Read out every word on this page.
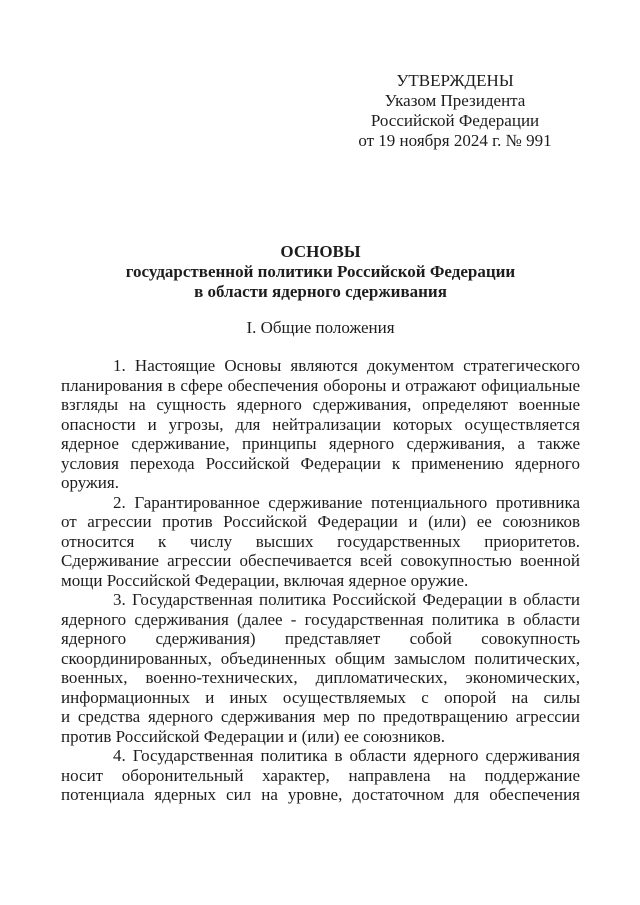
УТВЕРЖДЕНЫ
Указом Президента
Российской Федерации
от 19 ноября 2024 г. № 991
ОСНОВЫ
государственной политики Российской Федерации
в области ядерного сдерживания
I. Общие положения
1. Настоящие Основы являются документом стратегического
планирования в сфере обеспечения обороны и отражают официальные
взгляды на сущность ядерного сдерживания, определяют военные
опасности и угрозы, для нейтрализации которых осуществляется
ядерное сдерживание, принципы ядерного сдерживания, а также
условия перехода Российской Федерации к применению ядерного
оружия.
2. Гарантированное сдерживание потенциального противника
от агрессии против Российской Федерации и (или) ее союзников
относится к числу высших государственных приоритетов.
Сдерживание агрессии обеспечивается всей совокупностью военной
мощи Российской Федерации, включая ядерное оружие.
3. Государственная политика Российской Федерации в области
ядерного сдерживания (далее - государственная политика в области
ядерного сдерживания) представляет собой совокупность
скоординированных, объединенных общим замыслом политических,
военных, военно-технических, дипломатических, экономических,
информационных и иных осуществляемых с опорой на силы
и средства ядерного сдерживания мер по предотвращению агрессии
против Российской Федерации и (или) ее союзников.
4. Государственная политика в области ядерного сдерживания
носит оборонительный характер, направлена на поддержание
потенциала ядерных сил на уровне, достаточном для обеспечения
